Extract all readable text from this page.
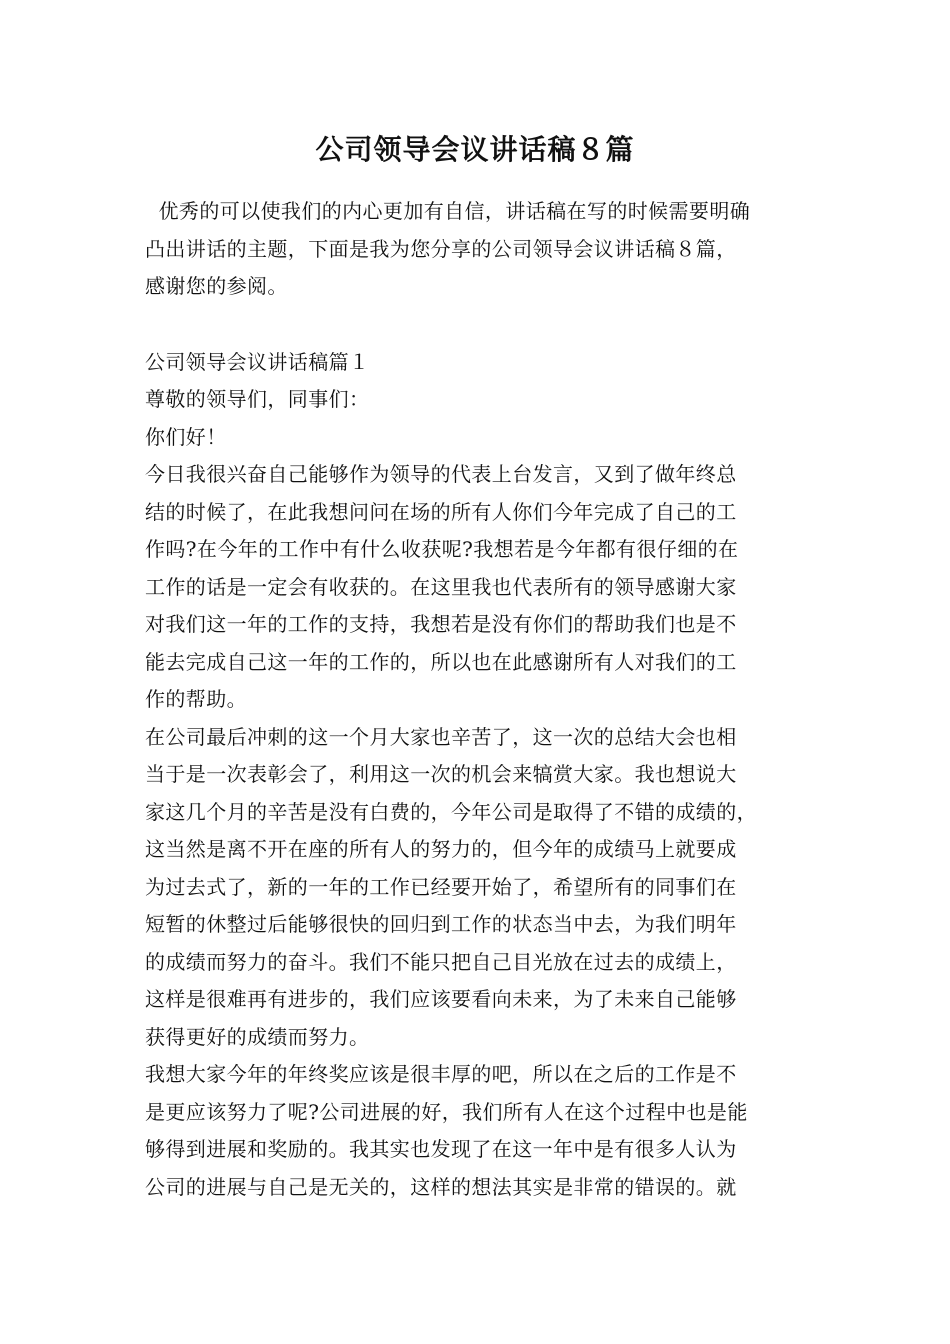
公司领导会议讲话稿８篇
优秀的可以使我们的内心更加有自信，讲话稿在写的时候需要明确
凸出讲话的主题，下面是我为您分享的公司领导会议讲话稿８篇，
感谢您的参阅。
公司领导会议讲话稿篇１
尊敬的领导们，同事们：
你们好！
今日我很兴奋自己能够作为领导的代表上台发言，又到了做年终总
结的时候了，在此我想问问在场的所有人你们今年完成了自己的工
作吗?在今年的工作中有什么收获呢?我想若是今年都有很仔细的在
工作的话是一定会有收获的。在这里我也代表所有的领导感谢大家
对我们这一年的工作的支持，我想若是没有你们的帮助我们也是不
能去完成自己这一年的工作的，所以也在此感谢所有人对我们的工
作的帮助。
在公司最后冲刺的这一个月大家也辛苦了，这一次的总结大会也相
当于是一次表彰会了，利用这一次的机会来犒赏大家。我也想说大
家这几个月的辛苦是没有白费的，今年公司是取得了不错的成绩的，
这当然是离不开在座的所有人的努力的，但今年的成绩马上就要成
为过去式了，新的一年的工作已经要开始了，希望所有的同事们在
短暂的休整过后能够很快的回归到工作的状态当中去，为我们明年
的成绩而努力的奋斗。我们不能只把自己目光放在过去的成绩上，
这样是很难再有进步的，我们应该要看向未来，为了未来自己能够
获得更好的成绩而努力。
我想大家今年的年终奖应该是很丰厚的吧，所以在之后的工作是不
是更应该努力了呢?公司进展的好，我们所有人在这个过程中也是能
够得到进展和奖励的。我其实也发现了在这一年中是有很多人认为
公司的进展与自己是无关的，这样的想法其实是非常的错误的。就
